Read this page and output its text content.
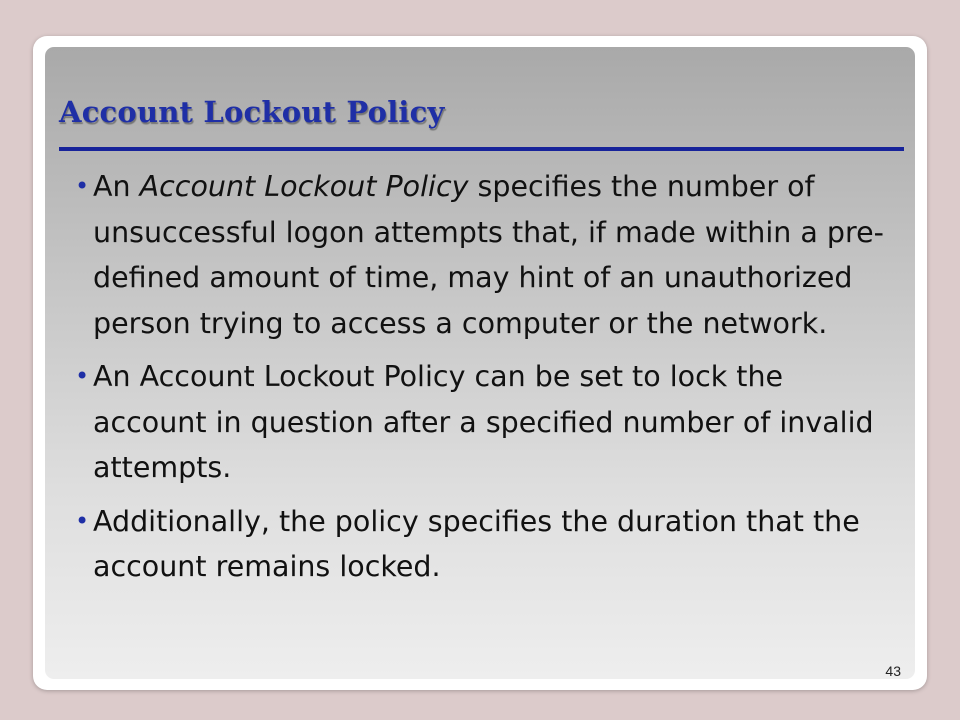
Account Lockout Policy
• An Account Lockout Policy specifies the number of unsuccessful logon attempts that, if made within a pre-defined amount of time, may hint of an unauthorized person trying to access a computer or the network.
• An Account Lockout Policy can be set to lock the account in question after a specified number of invalid attempts.
• Additionally, the policy specifies the duration that the account remains locked.
43
